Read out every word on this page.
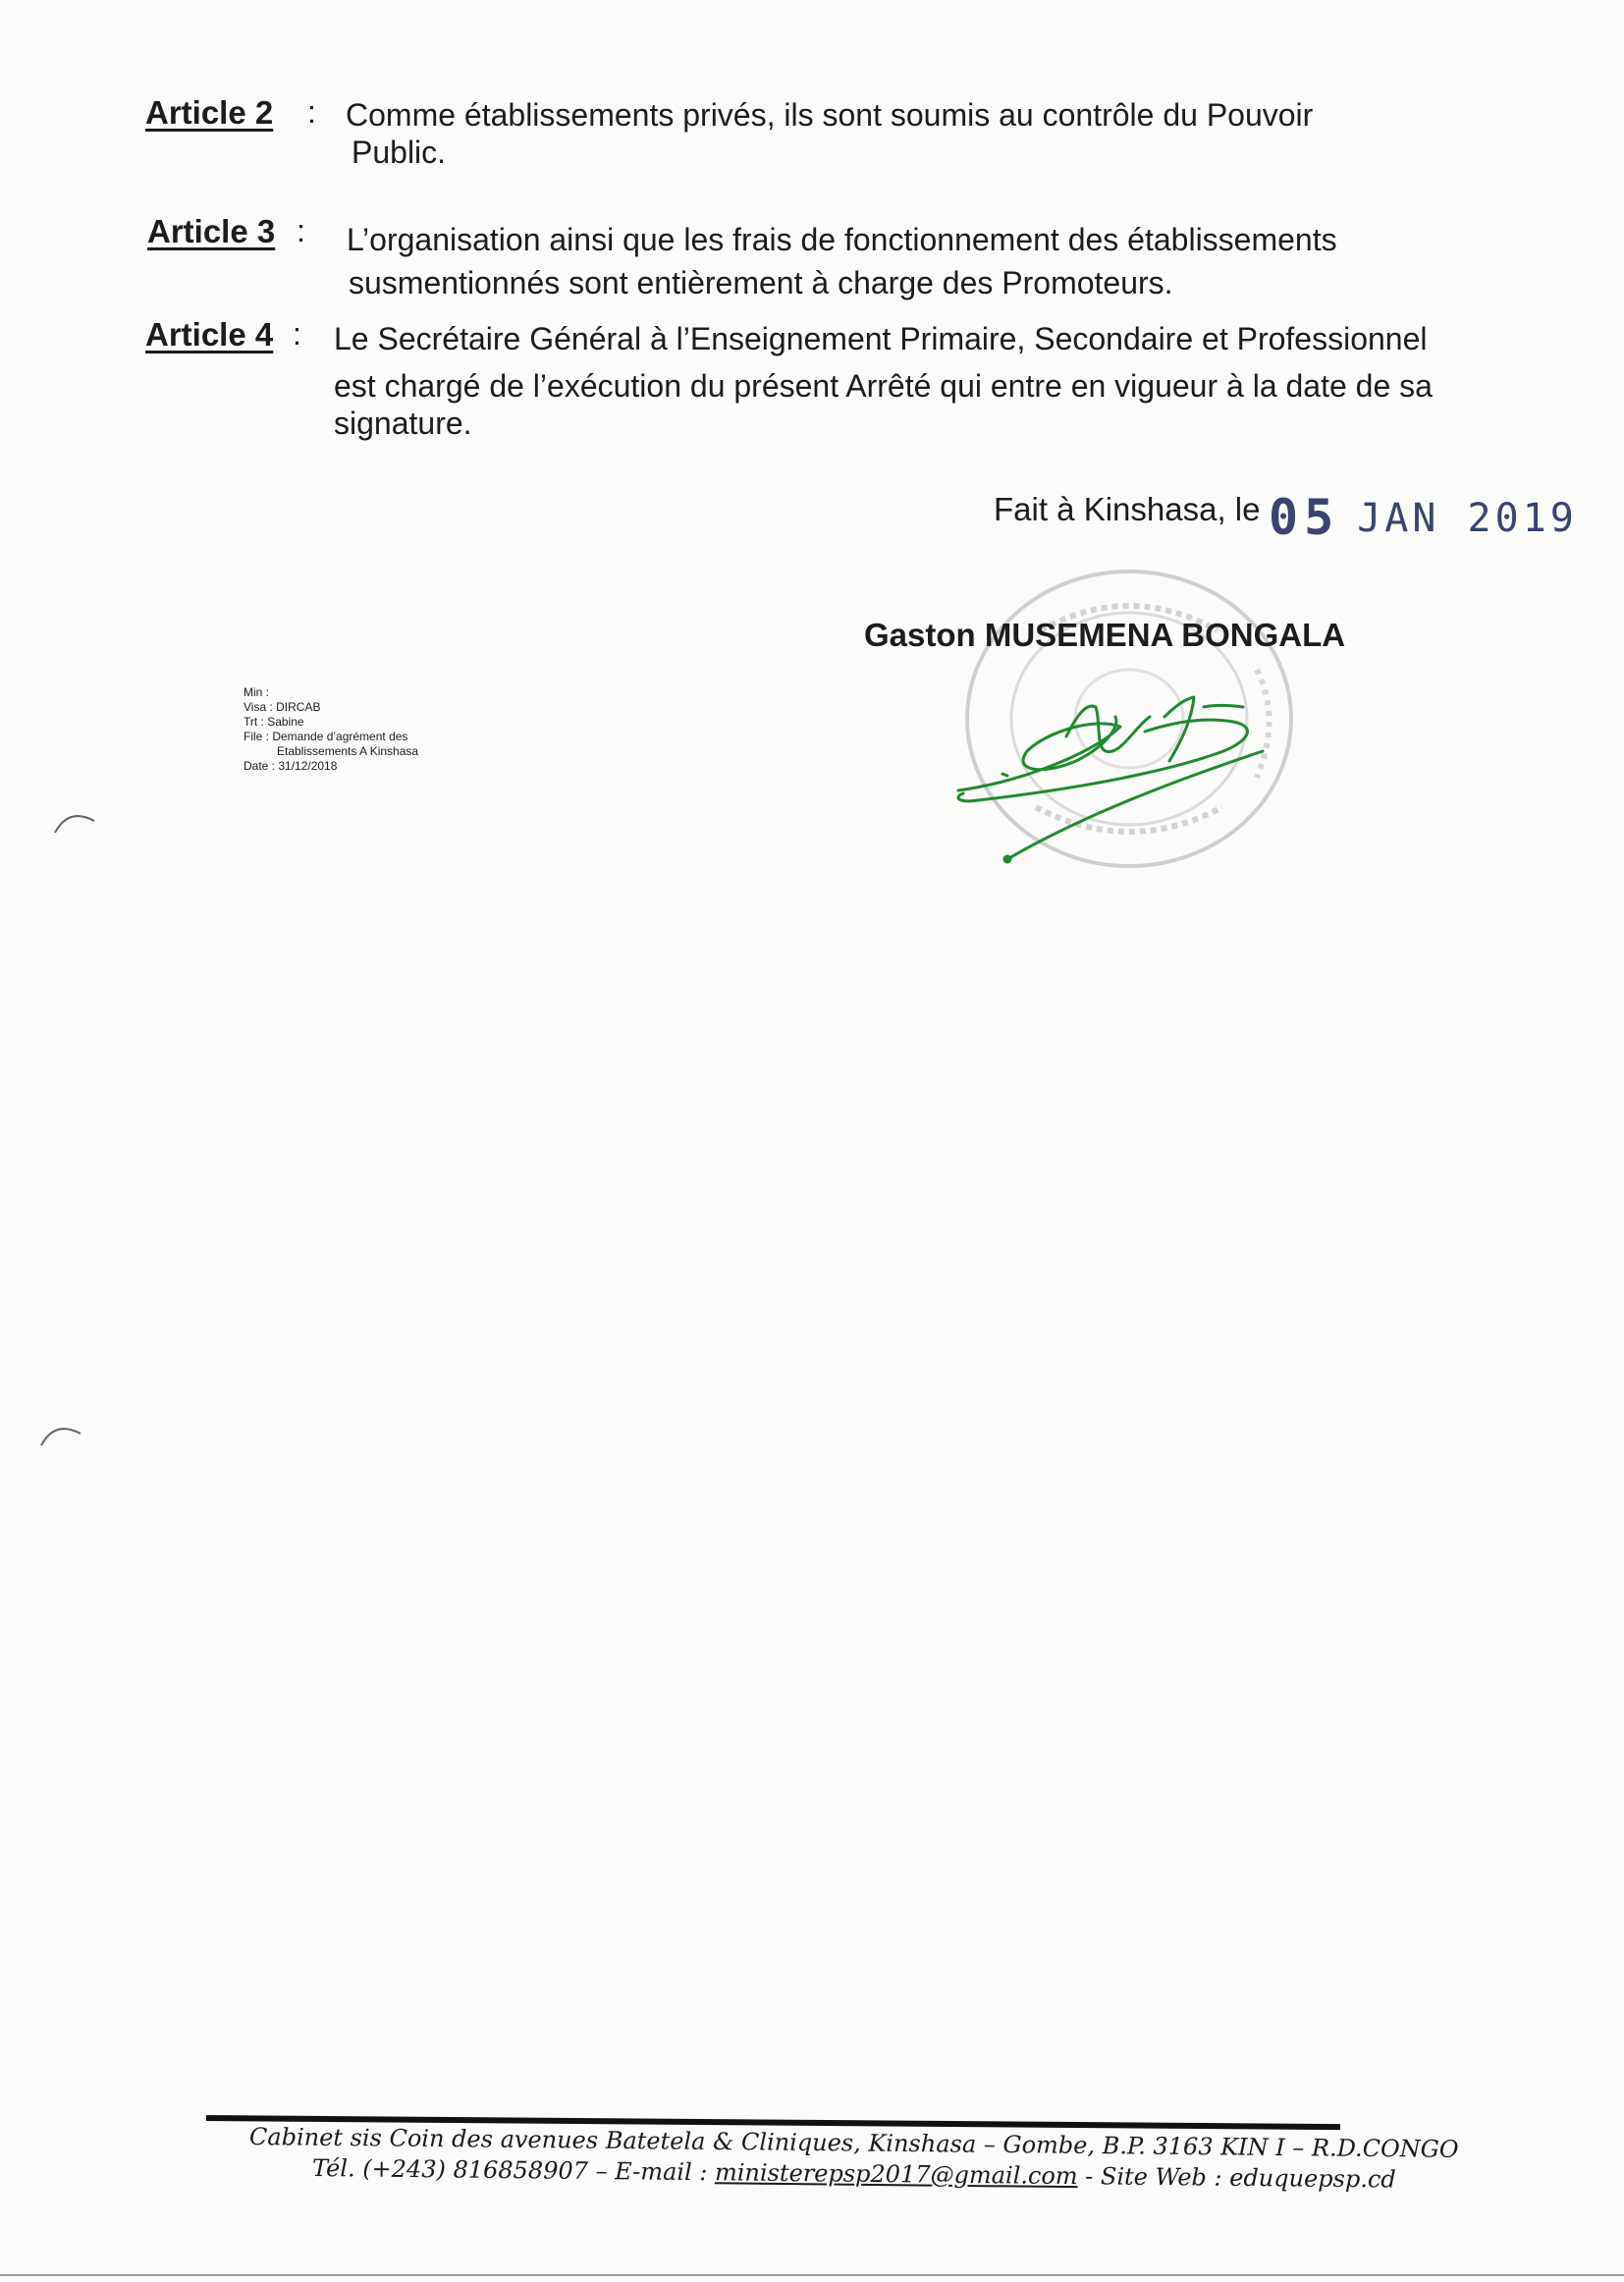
Article 2 : Comme établissements privés, ils sont soumis au contrôle du Pouvoir
Public.
Article 3 : L’organisation ainsi que les frais de fonctionnement des établissements
susmentionnés sont entièrement à charge des Promoteurs.
Article 4 : Le Secrétaire Général à l’Enseignement Primaire, Secondaire et Professionnel
est chargé de l’exécution du présent Arrêté qui entre en vigueur à la date de sa
signature.
Fait à Kinshasa, le 05 JAN 2019
Gaston MUSEMENA BONGALA
Min :
Visa : DIRCAB
Trt : Sabine
File : Demande d’agrément des
Etablissements A Kinshasa
Date : 31/12/2018
Cabinet sis Coin des avenues Batetela & Cliniques, Kinshasa – Gombe, B.P. 3163 KIN I – R.D.CONGO
Tél. (+243) 816858907 – E-mail : ministerepsp2017@gmail.com - Site Web : eduquepsp.cd
